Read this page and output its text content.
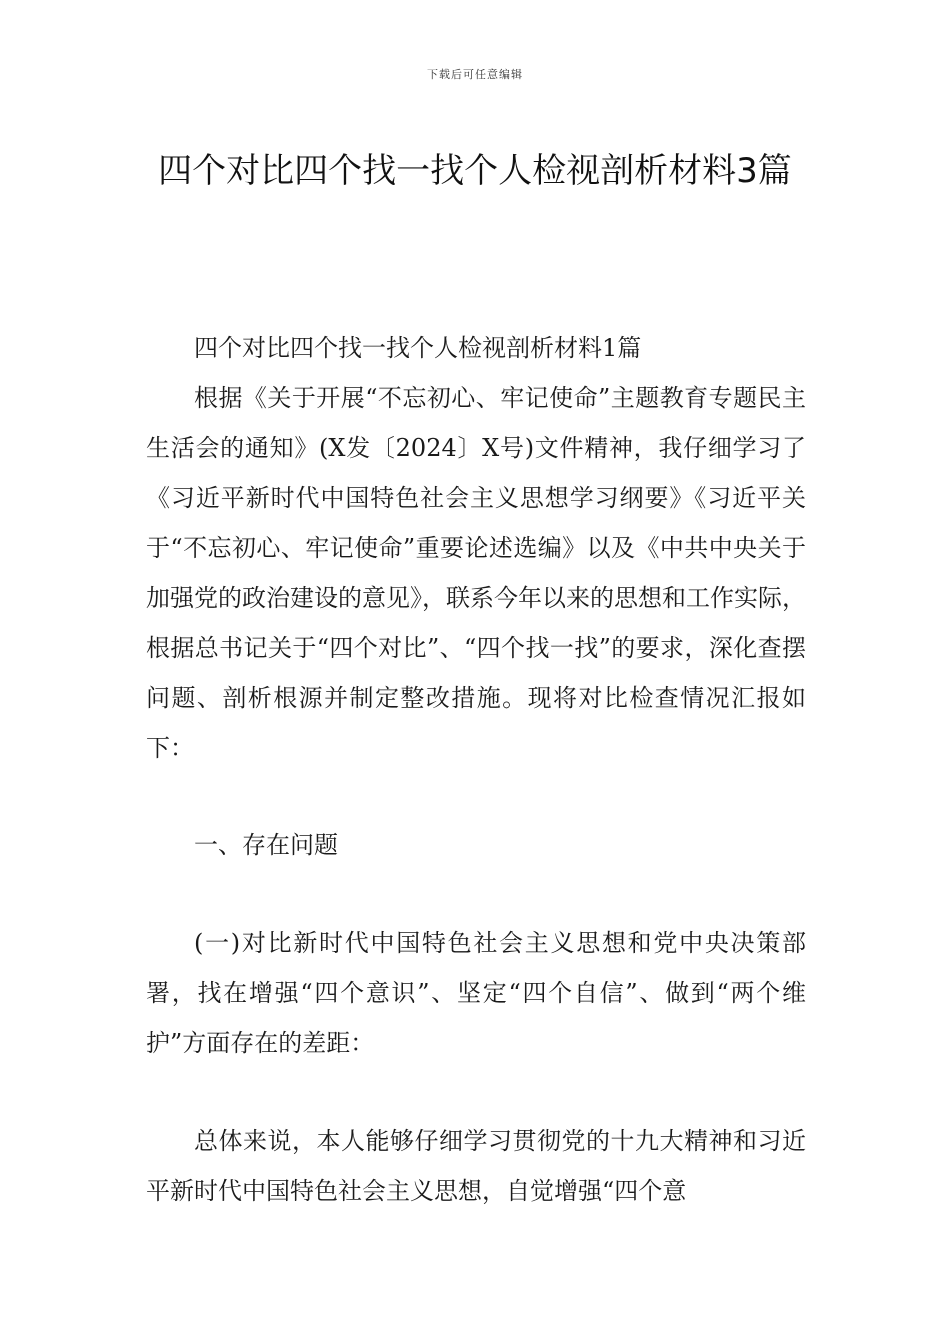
下载后可任意编辑
四个对比四个找一找个人检视剖析材料3篇

四个对比四个找一找个人检视剖析材料1篇

根据《关于开展“不忘初心、牢记使命”主题教育专题民主生活会的通知》(X发〔2024〕X号)文件精神，我仔细学习了《习近平新时代中国特色社会主义思想学习纲要》《习近平关于“不忘初心、牢记使命”重要论述选编》以及《中共中央关于加强党的政治建设的意见》，联系今年以来的思想和工作实际，根据总书记关于“四个对比”、“四个找一找”的要求，深化查摆问题、剖析根源并制定整改措施。现将对比检查情况汇报如下：

一、存在问题

(一)对比新时代中国特色社会主义思想和党中央决策部署，找在增强“四个意识”、坚定“四个自信”、做到“两个维护”方面存在的差距：

总体来说，本人能够仔细学习贯彻党的十九大精神和习近平新时代中国特色社会主义思想，自觉增强“四个意
